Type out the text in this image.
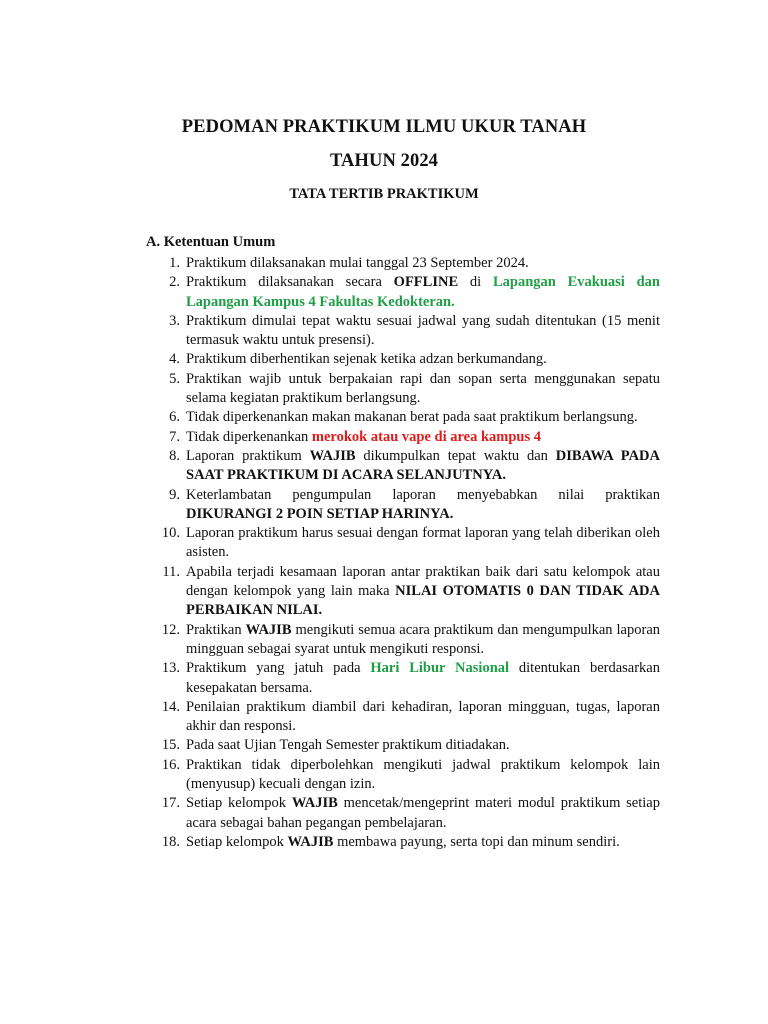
PEDOMAN PRAKTIKUM ILMU UKUR TANAH
TAHUN 2024
TATA TERTIB PRAKTIKUM
A. Ketentuan Umum
1. Praktikum dilaksanakan mulai tanggal 23 September 2024.
2. Praktikum dilaksanakan secara OFFLINE di Lapangan Evakuasi dan Lapangan Kampus 4 Fakultas Kedokteran.
3. Praktikum dimulai tepat waktu sesuai jadwal yang sudah ditentukan (15 menit termasuk waktu untuk presensi).
4. Praktikum diberhentikan sejenak ketika adzan berkumandang.
5. Praktikan wajib untuk berpakaian rapi dan sopan serta menggunakan sepatu selama kegiatan praktikum berlangsung.
6. Tidak diperkenankan makan makanan berat pada saat praktikum berlangsung.
7. Tidak diperkenankan merokok atau vape di area kampus 4
8. Laporan praktikum WAJIB dikumpulkan tepat waktu dan DIBAWA PADA SAAT PRAKTIKUM DI ACARA SELANJUTNYA.
9. Keterlambatan pengumpulan laporan menyebabkan nilai praktikan DIKURANGI 2 POIN SETIAP HARINYA.
10. Laporan praktikum harus sesuai dengan format laporan yang telah diberikan oleh asisten.
11. Apabila terjadi kesamaan laporan antar praktikan baik dari satu kelompok atau dengan kelompok yang lain maka NILAI OTOMATIS 0 DAN TIDAK ADA PERBAIKAN NILAI.
12. Praktikan WAJIB mengikuti semua acara praktikum dan mengumpulkan laporan mingguan sebagai syarat untuk mengikuti responsi.
13. Praktikum yang jatuh pada Hari Libur Nasional ditentukan berdasarkan kesepakatan bersama.
14. Penilaian praktikum diambil dari kehadiran, laporan mingguan, tugas, laporan akhir dan responsi.
15. Pada saat Ujian Tengah Semester praktikum ditiadakan.
16. Praktikan tidak diperbolehkan mengikuti jadwal praktikum kelompok lain (menyusup) kecuali dengan izin.
17. Setiap kelompok WAJIB mencetak/mengeprint materi modul praktikum setiap acara sebagai bahan pegangan pembelajaran.
18. Setiap kelompok WAJIB membawa payung, serta topi dan minum sendiri.
